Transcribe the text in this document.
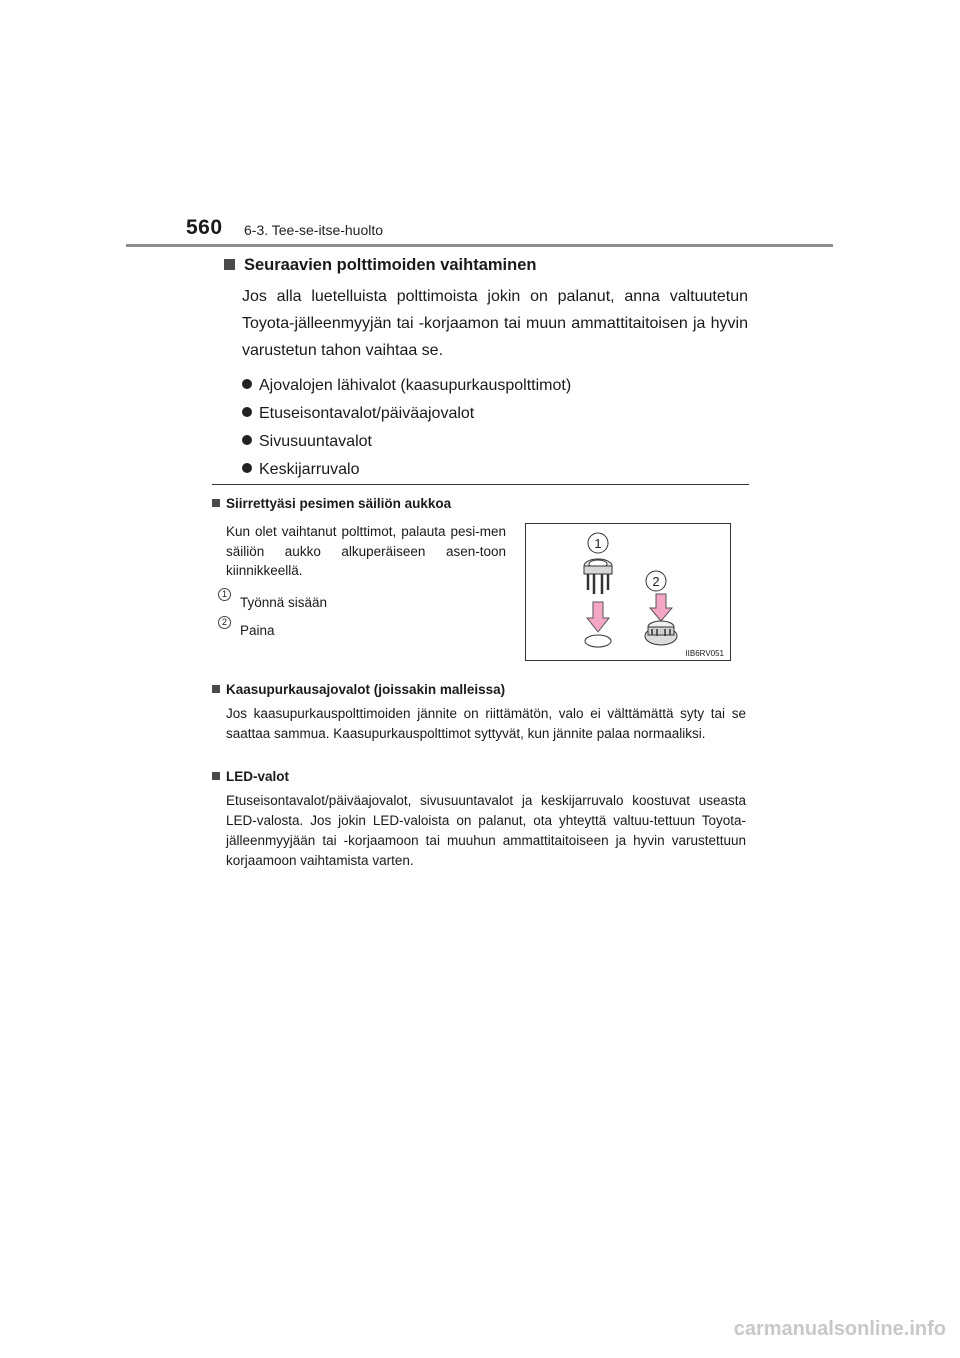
560 6-3. Tee-se-itse-huolto
Seuraavien polttimoiden vaihtaminen

Jos alla luetelluista polttimoista jokin on palanut, anna valtuutetun Toyota-jälleenmyyjän tai -korjaamon tai muun ammattitaitoisen ja hyvin varustetun tahon vaihtaa se.

Ajovalojen lähivalot (kaasupurkauspolttimot)
Etuseisontavalot/päiväajovalot
Sivusuuntavalot
Keskijarruvalo
Siirrettyäsi pesimen säiliön aukkoa

Kun olet vaihtanut polttimot, palauta pesi-men säiliön aukko alkuperäiseen asen-toon kiinnikkeellä.

1
Työnnä sisään
2
Paina
1
2
IIB6RV051
Kaasupurkausajovalot (joissakin malleissa)

Jos kaasupurkauspolttimoiden jännite on riittämätön, valo ei välttämättä syty tai se saattaa sammua. Kaasupurkauspolttimot syttyvät, kun jännite palaa normaaliksi.

LED-valot

Etuseisontavalot/päiväajovalot, sivusuuntavalot ja keskijarruvalo koostuvat useasta LED-valosta. Jos jokin LED-valoista on palanut, ota yhteyttä valtuu-tettuun Toyota-jälleenmyyjään tai -korjaamoon tai muuhun ammattitaitoiseen ja hyvin varustettuun korjaamoon vaihtamista varten.

carmanualsonline.info
